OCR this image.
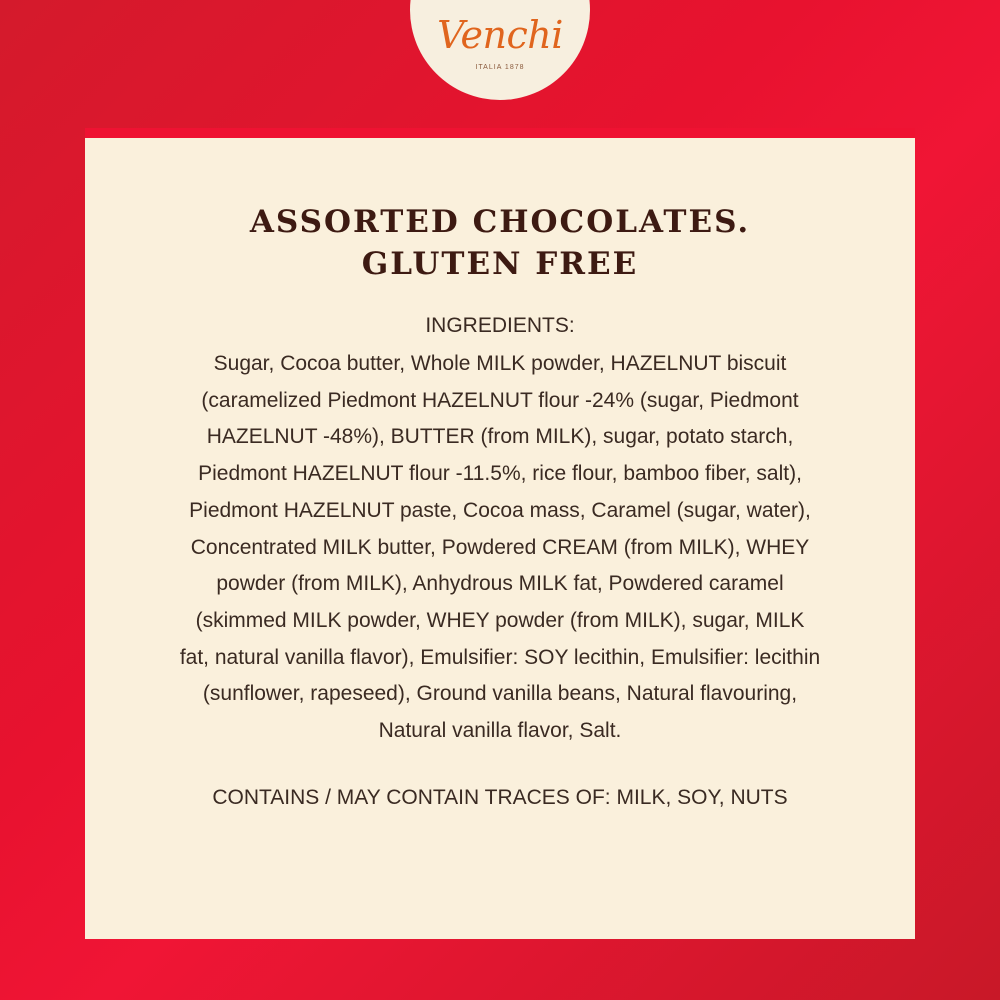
Venchi
ITALIA 1878
ASSORTED CHOCOLATES.
GLUTEN FREE
INGREDIENTS:
Sugar, Cocoa butter, Whole MILK powder, HAZELNUT biscuit
(caramelized Piedmont HAZELNUT flour -24% (sugar, Piedmont
HAZELNUT -48%), BUTTER (from MILK), sugar, potato starch,
Piedmont HAZELNUT flour -11.5%, rice flour, bamboo fiber, salt),
Piedmont HAZELNUT paste, Cocoa mass, Caramel (sugar, water),
Concentrated MILK butter, Powdered CREAM (from MILK), WHEY
powder (from MILK), Anhydrous MILK fat, Powdered caramel
(skimmed MILK powder, WHEY powder (from MILK), sugar, MILK
fat, natural vanilla flavor), Emulsifier: SOY lecithin, Emulsifier: lecithin
(sunflower, rapeseed), Ground vanilla beans, Natural flavouring,
Natural vanilla flavor, Salt.
CONTAINS / MAY CONTAIN TRACES OF: MILK, SOY, NUTS
